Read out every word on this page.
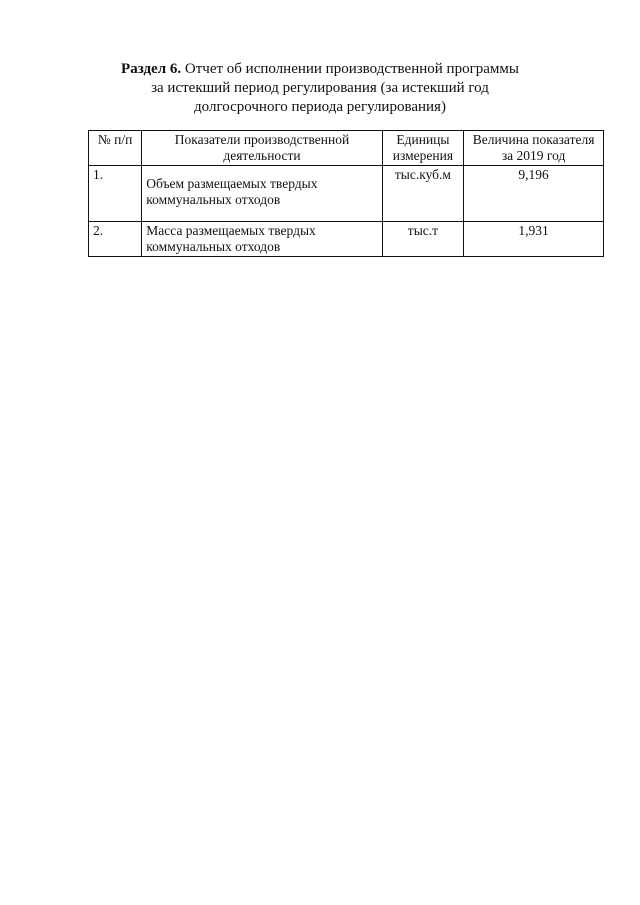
Раздел 6. Отчет об исполнении производственной программы
за истекший период регулирования (за истекший год
долгосрочного периода регулирования)
№ п/п	Показатели производственной деятельности	Единицы измерения	Величина показателя за 2019 год
1.	Объем размещаемых твердых коммунальных отходов	тыс.куб.м	9,196
2.	Масса размещаемых твердых коммунальных отходов	тыс.т	1,931
